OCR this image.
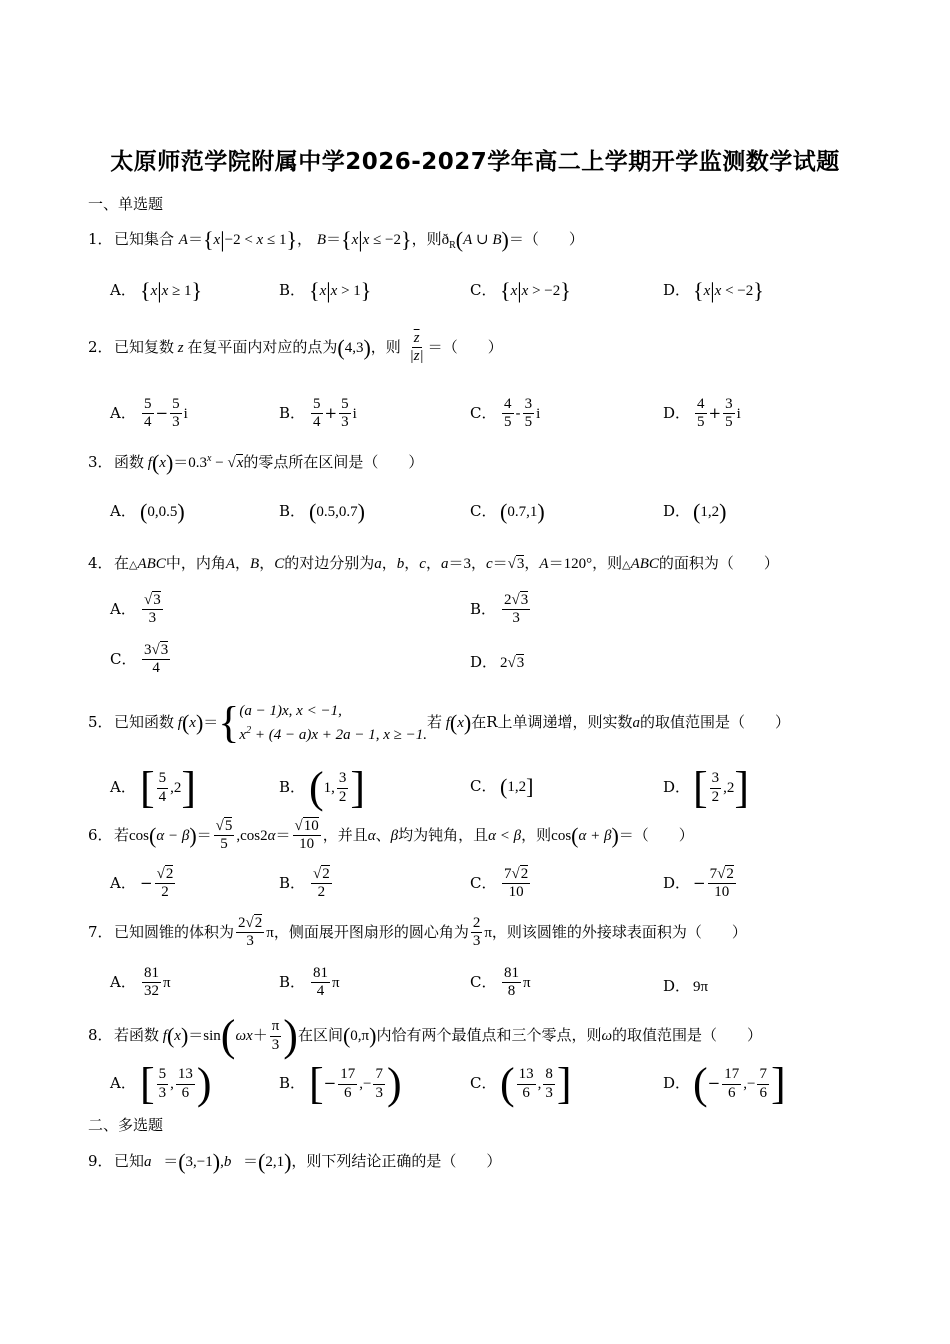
太原师范学院附属中学2026-2027学年高二上学期开学监测数学试题
一、单选题
1．已知集合 A＝{x|−2 < x ≤ 1}， B＝{x|x ≤ −2}，则$ð_R(A$ ∪ B)＝（　　）
A． {x|x ≥ 1}	B． {x|x > 1}	C． {x|x > −2}	D． {x|x < −2}
2．已知复数 z 在复平面内对应的点为(4,3)，则 $\frac{\overline{z}}{|z|}$ ＝（　　）
A． $\frac{5}{4} - \frac{5}{3}$ i	B． $\frac{5}{4} + \frac{5}{3}$ i	C． $\frac{4}{5} - \frac{3}{5}$ i	D． $\frac{4}{5} + \frac{3}{5}$ i
3．函数 $f(x)=0.3^x - √x$的零点所在区间是（　　）
A． (0,0.5)	B． (0.5,0.7)	C． (0.7,1)	D． (1,2)
4．在△ABC中，内角A，B，C的对边分别为a，b，c，a＝3，c＝√3，A＝120°，则△ABC的面积为（　　）
A． $\frac{√3}{3}$	B． $\frac{2√3}{3}$
C． $\frac{3√3}{4}$	D． 2√3
5．已知函数 f(x)＝{ (a − 1)x, x < −1,
$x^2 + (4 - a)x + 2a - 1$, x ≥ −1.
若 f(x)在R上单调递增，则实数a的取值范围是（　　）
A．[ $\frac{5}{4} ,2$]	B．(1, $\frac{3}{2}$ ]	C． (1,2]	D．[ $\frac{3}{2} ,2$]
6．若$\cos(\alpha - \beta)= \frac{√5}{5} ,\cos 2\alpha= \frac{√10}{10}$ ，并且α、β均为钝角，且α < β，则cos(α + β)＝（　　）
A． − $\frac{√2}{2}$	B． $\frac{√2}{2}$	C． $\frac{7√2}{10}$	D． − $\frac{7√2}{10}$
7．已知圆锥的体积为 $\frac{2√2}{3}$ π，侧面展开图扇形的圆心角为 $\frac{2}{3}$ π，则该圆锥的外接球表面积为（　　）
A． $\frac{81}{32}$ π	B． $\frac{81}{4}$ π	C． $\frac{81}{8}$ π	D． 9π
8．若函数 $f(x)=\sin(\omega x+ \frac{\pi}{3}$ )在区间(0,π)内恰有两个最值点和三个零点，则ω的取值范围是（　　）
A．[ $\frac{5}{3}$ , $\frac{13}{6}$ )	B．[− $\frac{17}{6}$ ,− $\frac{7}{3}$ )	C．( $\frac{13}{6}$ , $\frac{8}{3}$ ]	D．(− $\frac{17}{6}$ ,− $\frac{7}{6}$ ]
二、多选题
9．已知a⃗＝(3,−1),b⃗＝(2,1)，则下列结论正确的是（　　）
